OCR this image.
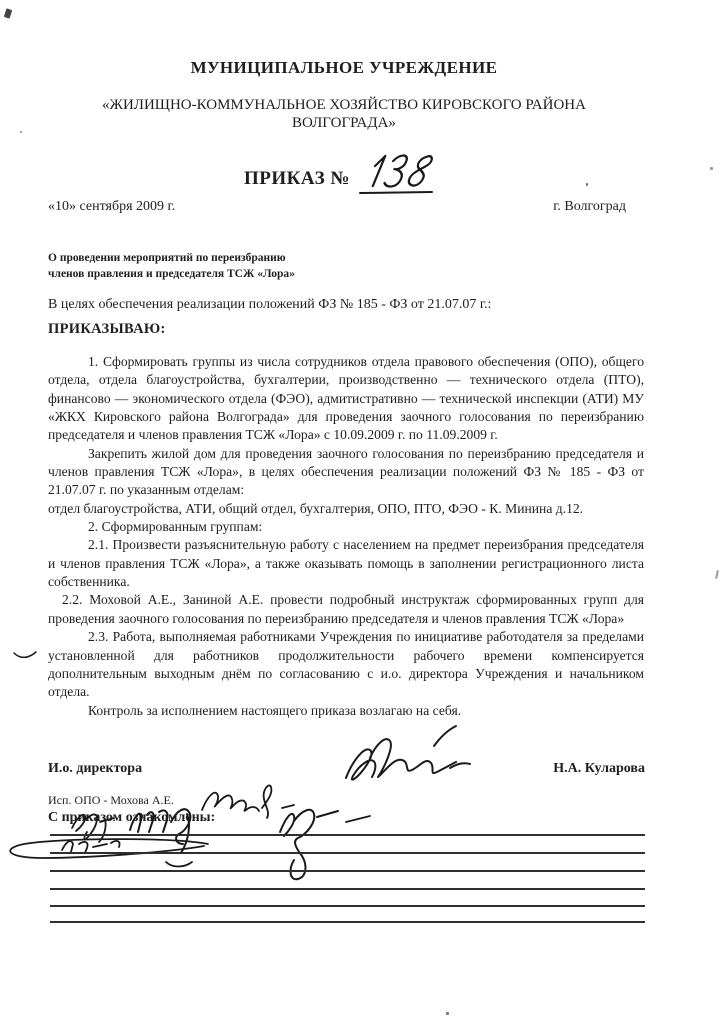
МУНИЦИПАЛЬНОЕ УЧРЕЖДЕНИЕ
«ЖИЛИЩНО-КОММУНАЛЬНОЕ ХОЗЯЙСТВО КИРОВСКОГО РАЙОНА
ВОЛГОГРАДА»
ПРИКАЗ №
«10» сентября 2009 г.	г. Волгоград
О проведении мероприятий по переизбранию
членов правления и председателя ТСЖ «Лора»
В целях обеспечения реализации положений ФЗ № 185 - ФЗ от 21.07.07 г.:
ПРИКАЗЫВАЮ:

1. Сформировать группы из числа сотрудников отдела правового обеспечения (ОПО), общего отдела, отдела благоустройства, бухгалтерии, производственно — технического отдела (ПТО), финансово — экономического отдела (ФЭО), адмитистративно — технической инспекции (АТИ) МУ «ЖКХ Кировского района Волгограда» для проведения заочного голосования по переизбранию председателя и членов правления ТСЖ «Лора» с 10.09.2009 г. по 11.09.2009 г.

Закрепить жилой дом для проведения заочного голосования по переизбранию председателя и членов правления ТСЖ «Лора», в целях обеспечения реализации положений ФЗ № 185 - ФЗ от 21.07.07 г. по указанным отделам:

отдел благоустройства, АТИ, общий отдел, бухгалтерия, ОПО, ПТО, ФЭО - К. Минина д.12.

2. Сформированным группам:

2.1. Произвести разъяснительную работу с населением на предмет переизбрания председателя и членов правления ТСЖ «Лора», а также оказывать помощь в заполнении регистрационного листа собственника.

2.2. Моховой А.Е., Заниной А.Е. провести подробный инструктаж сформированных групп для проведения заочного голосования по переизбранию председателя и членов правления ТСЖ «Лора»

2.3. Работа, выполняемая работниками Учреждения по инициативе работодателя за пределами установленной для работников продолжительности рабочего времени компенсируется дополнительным выходным днём по согласованию с и.о. директора Учреждения и начальником отдела.

Контроль за исполнением настоящего приказа возлагаю на себя.

И.о. директора	Н.А. Куларова
Исп. ОПО - Мохова А.Е.
С приказом ознакомлены:
